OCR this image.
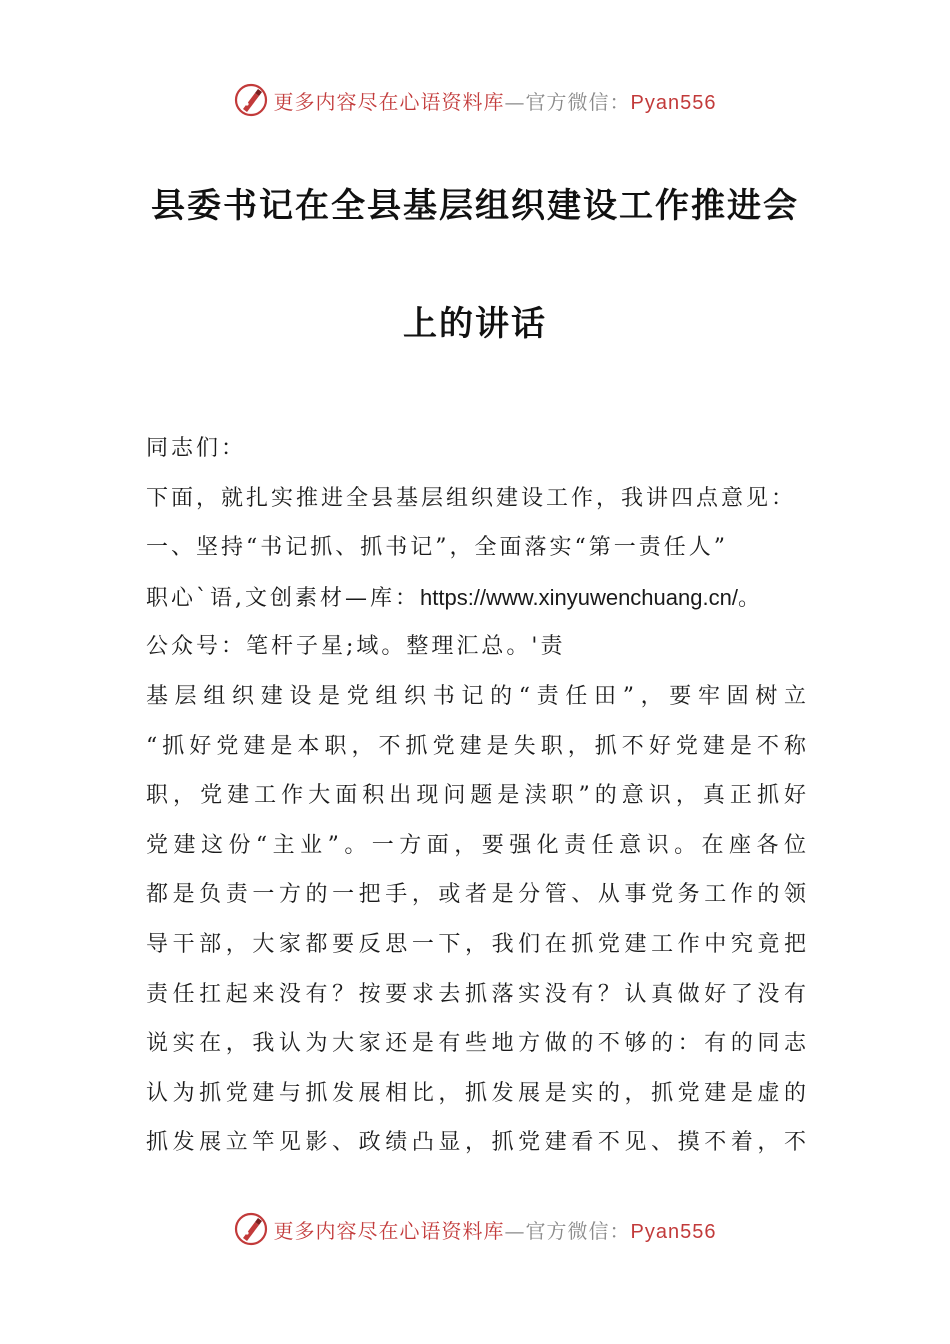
更多内容尽在心语资料库—官方微信：Pyan556
县委书记在全县基层组织建设工作推进会
上的讲话
同志们：
下面，就扎实推进全县基层组织建设工作，我讲四点意见：
一、坚持“书记抓、抓书记”，全面落实“第一责任人”
职心`语,文创素材—库：https://www.xinyuwenchuang.cn/。
公众号：笔杆子星;域。整理汇总。'责
基层组织建设是党组织书记的“责任田”，要牢固树立
“抓好党建是本职，不抓党建是失职，抓不好党建是不称
职，党建工作大面积出现问题是渎职”的意识，真正抓好
党建这份“主业”。一方面，要强化责任意识。在座各位
都是负责一方的一把手，或者是分管、从事党务工作的领
导干部，大家都要反思一下，我们在抓党建工作中究竟把
责任扛起来没有？按要求去抓落实没有？认真做好了没有
说实在，我认为大家还是有些地方做的不够的：有的同志
认为抓党建与抓发展相比，抓发展是实的，抓党建是虚的
抓发展立竿见影、政绩凸显，抓党建看不见、摸不着，不
更多内容尽在心语资料库—官方微信：Pyan556
